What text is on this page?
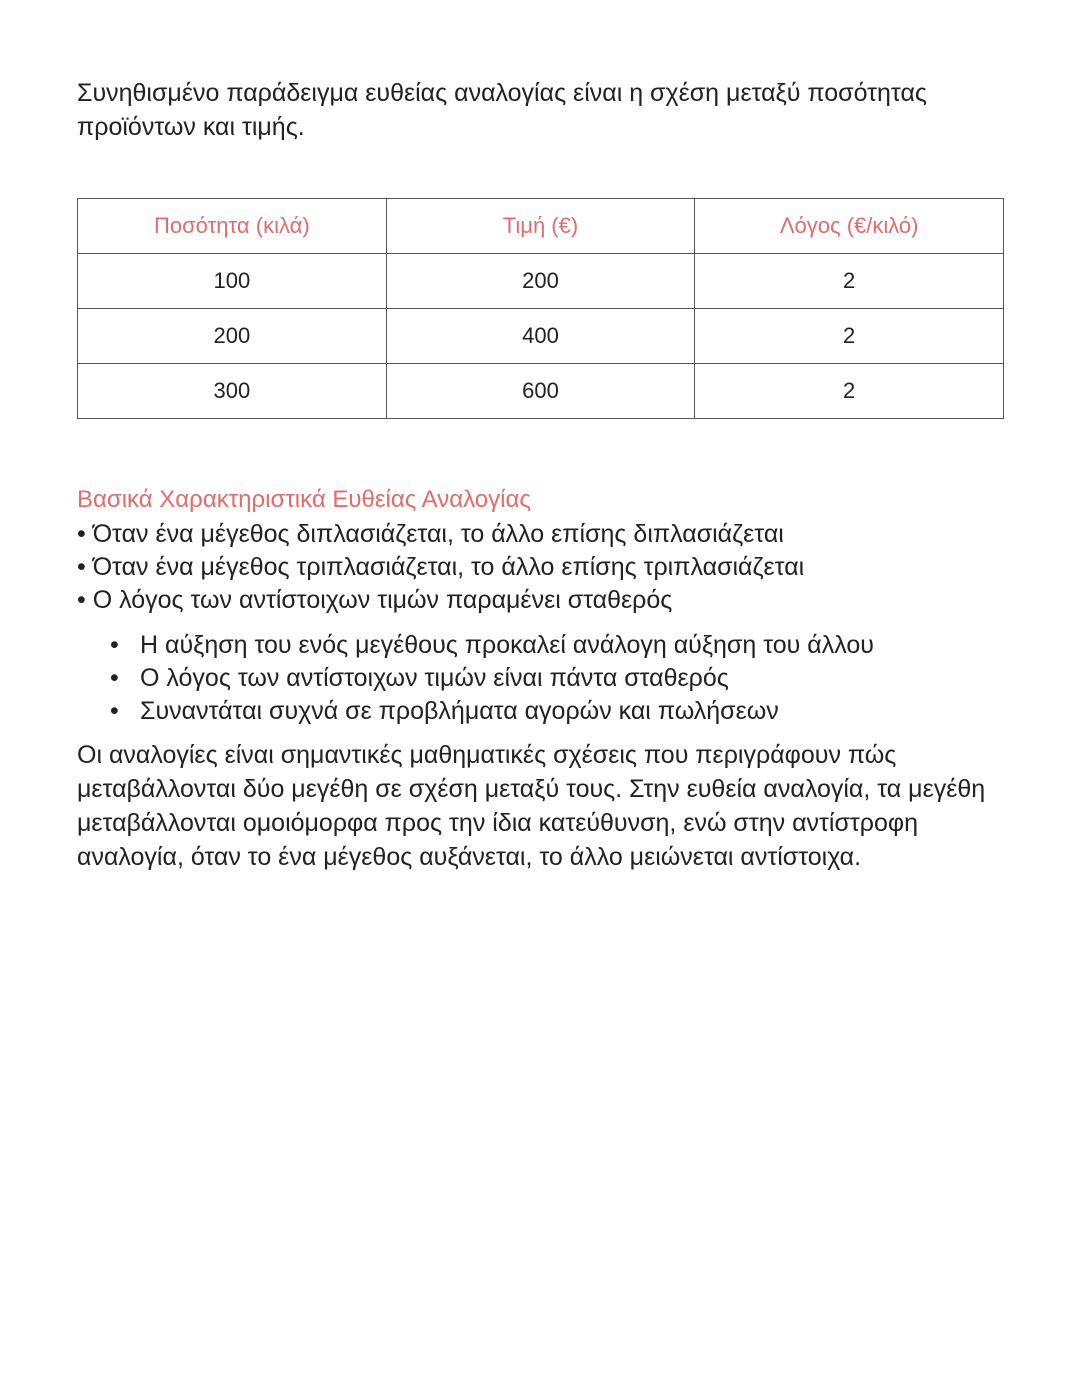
Συνηθισμένο παράδειγμα ευθείας αναλογίας είναι η σχέση μεταξύ ποσότητας προϊόντων και τιμής.

Ποσότητα (κιλά)	Τιμή (€)	Λόγος (€/κιλό)
100	200	2
200	400	2
300	600	2
Βασικά Χαρακτηριστικά Ευθείας Αναλογίας
• Όταν ένα μέγεθος διπλασιάζεται, το άλλο επίσης διπλασιάζεται
• Όταν ένα μέγεθος τριπλασιάζεται, το άλλο επίσης τριπλασιάζεται
• Ο λόγος των αντίστοιχων τιμών παραμένει σταθερός
• Η αύξηση του ενός μεγέθους προκαλεί ανάλογη αύξηση του άλλου
• Ο λόγος των αντίστοιχων τιμών είναι πάντα σταθερός
• Συναντάται συχνά σε προβλήματα αγορών και πωλήσεων

Οι αναλογίες είναι σημαντικές μαθηματικές σχέσεις που περιγράφουν πώς μεταβάλλονται δύο μεγέθη σε σχέση μεταξύ τους. Στην ευθεία αναλογία, τα μεγέθη μεταβάλλονται ομοιόμορφα προς την ίδια κατεύθυνση, ενώ στην αντίστροφη αναλογία, όταν το ένα μέγεθος αυξάνεται, το άλλο μειώνεται αντίστοιχα.
